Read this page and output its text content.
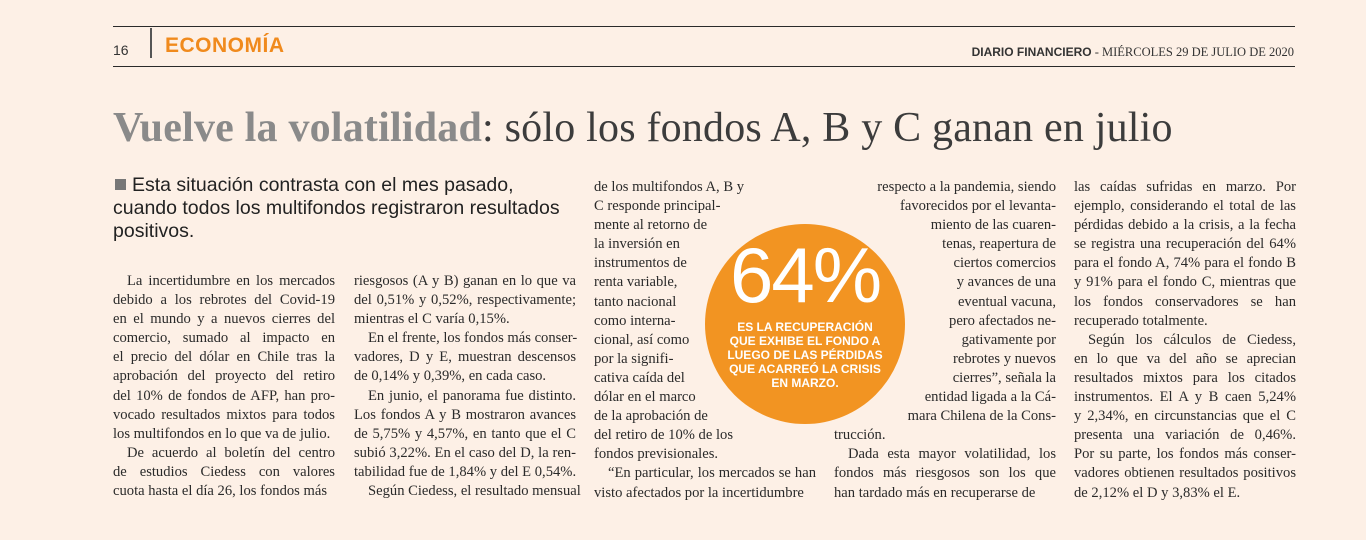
16 ECONOMÍA	DIARIO FINANCIERO - MIÉRCOLES 29 DE JULIO DE 2020
Vuelve la volatilidad: sólo los fondos A, B y C ganan en julio

Esta situación contrasta con el mes pasado, cuando todos los multifondos registraron resultados positivos.

La incertidumbre en los mercados
debido a los rebrotes del Covid-19
en el mundo y a nuevos cierres del
comercio, sumado al impacto en
el precio del dólar en Chile tras la
aprobación del proyecto del retiro
del 10% de fondos de AFP, han pro-
vocado resultados mixtos para todos
los multifondos en lo que va de julio.
De acuerdo al boletín del centro
de estudios Ciedess con valores
cuota hasta el día 26, los fondos más
riesgosos (A y B) ganan en lo que va
del 0,51% y 0,52%, respectivamente;
mientras el C varía 0,15%.
En el frente, los fondos más conser-
vadores, D y E, muestran descensos
de 0,14% y 0,39%, en cada caso.
En junio, el panorama fue distinto.
Los fondos A y B mostraron avances
de 5,75% y 4,57%, en tanto que el C
subió 3,22%. En el caso del D, la ren-
tabilidad fue de 1,84% y del E 0,54%.
Según Ciedess, el resultado mensual
de los multifondos A, B y
C responde principal-
mente al retorno de
la inversión en
instrumentos de
renta variable,
tanto nacional
como interna-
cional, así como
por la signifi-
cativa caída del
dólar en el marco
de la aprobación de
del retiro de 10% de los
fondos previsionales.
“En particular, los mercados se han
visto afectados por la incertidumbre
respecto a la pandemia, siendo
favorecidos por el levanta-
miento de las cuaren-
tenas, reapertura de
ciertos comercios
y avances de una
eventual vacuna,
pero afectados ne-
gativamente por
rebrotes y nuevos
cierres”, señala la
entidad ligada a la Cá-
mara Chilena de la Cons-
trucción.
Dada esta mayor volatilidad, los
fondos más riesgosos son los que
han tardado más en recuperarse de
las caídas sufridas en marzo. Por
ejemplo, considerando el total de las
pérdidas debido a la crisis, a la fecha
se registra una recuperación del 64%
para el fondo A, 74% para el fondo B
y 91% para el fondo C, mientras que
los fondos conservadores se han
recuperado totalmente.
Según los cálculos de Ciedess,
en lo que va del año se aprecian
resultados mixtos para los citados
instrumentos. El A y B caen 5,24%
y 2,34%, en circunstancias que el C
presenta una variación de 0,46%.
Por su parte, los fondos más conser-
vadores obtienen resultados positivos
de 2,12% el D y 3,83% el E.
64%
ES LA RECUPERACIÓN QUE EXHIBE EL FONDO A LUEGO DE LAS PÉRDIDAS QUE ACARREÓ LA CRISIS EN MARZO.
